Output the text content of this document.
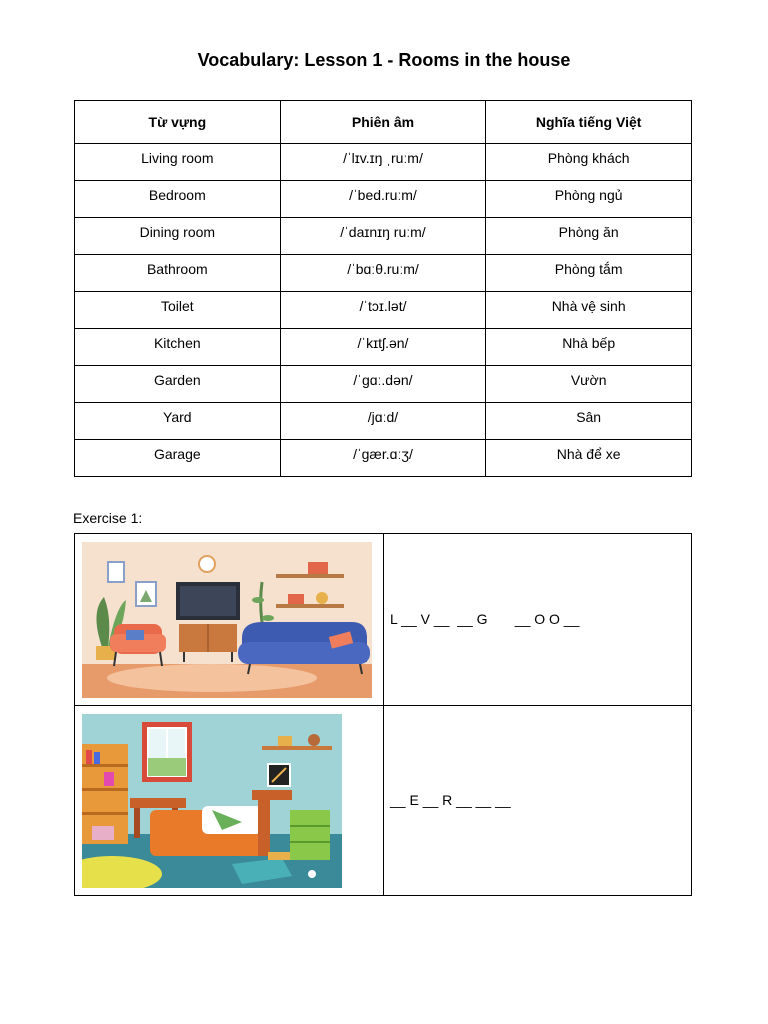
Vocabulary: Lesson 1 - Rooms in the house
Từ vựng	Phiên âm	Nghĩa tiếng Việt
Living room	/ˈlɪv.ɪŋ ˌruːm/	Phòng khách
Bedroom	/ˈbed.ruːm/	Phòng ngủ
Dining room	/ˈdaɪnɪŋ ruːm/	Phòng ăn
Bathroom	/ˈbɑːθ.ruːm/	Phòng tắm
Toilet	/ˈtɔɪ.lət/	Nhà vệ sinh
Kitchen	/ˈkɪtʃ.ən/	Nhà bếp
Garden	/ˈɡɑː.dən/	Vườn
Yard	/jɑːd/	Sân
Garage	/ˈɡær.ɑːʒ/	Nhà để xe
Exercise 1:
	L __ V __  __ G       __ O O __

	__ E __ R __ __ __
